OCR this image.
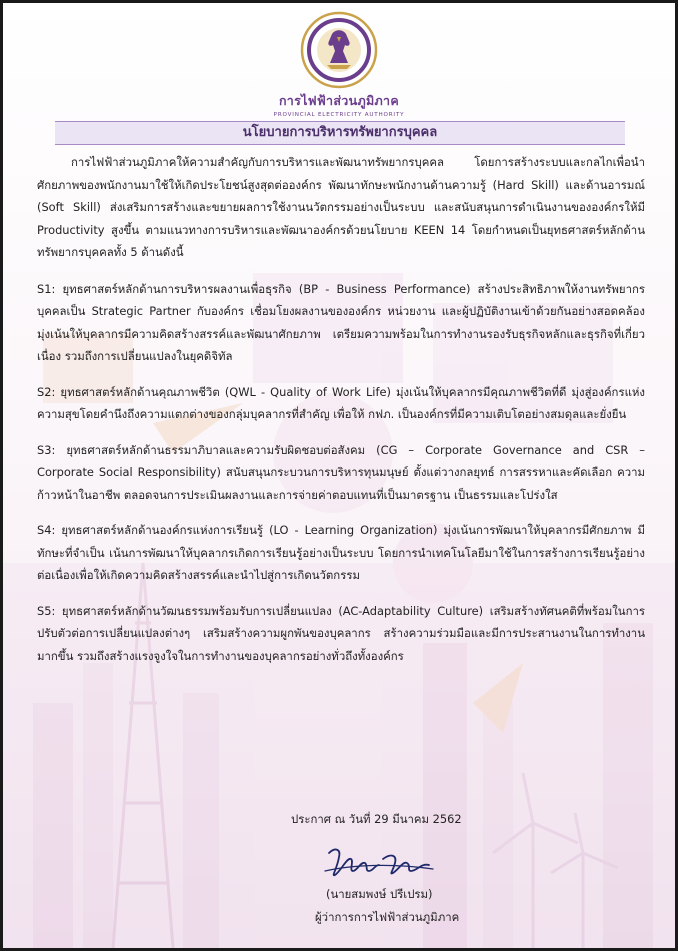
การไฟฟ้าส่วนภูมิภาค
PROVINCIAL ELECTRICITY AUTHORITY
นโยบายการบริหารทรัพยากรบุคคล

การไฟฟ้าส่วนภูมิภาคให้ความสำคัญกับการบริหารและพัฒนาทรัพยากรบุคคล โดยการสร้างระบบและกลไกเพื่อนำศักยภาพของพนักงานมาใช้ให้เกิดประโยชน์สูงสุดต่อองค์กร พัฒนาทักษะพนักงานด้านความรู้ (Hard Skill) และด้านอารมณ์ (Soft Skill) ส่งเสริมการสร้างและขยายผลการใช้งานนวัตกรรมอย่างเป็นระบบ และสนับสนุนการดำเนินงานขององค์กรให้มี Productivity สูงขึ้น ตามแนวทางการบริหารและพัฒนาองค์กรด้วยนโยบาย KEEN 14 โดยกำหนดเป็นยุทธศาสตร์หลักด้านทรัพยากรบุคคลทั้ง 5 ด้านดังนี้

S1: ยุทธศาสตร์หลักด้านการบริหารผลงานเพื่อธุรกิจ (BP - Business Performance) สร้างประสิทธิภาพให้งานทรัพยากรบุคคลเป็น Strategic Partner กับองค์กร เชื่อมโยงผลงานขององค์กร หน่วยงาน และผู้ปฏิบัติงานเข้าด้วยกันอย่างสอดคล้อง มุ่งเน้นให้บุคลากรมีความคิดสร้างสรรค์และพัฒนาศักยภาพ เตรียมความพร้อมในการทำงานรองรับธุรกิจหลักและธุรกิจที่เกี่ยวเนื่อง รวมถึงการเปลี่ยนแปลงในยุคดิจิทัล

S2: ยุทธศาสตร์หลักด้านคุณภาพชีวิต (QWL - Quality of Work Life) มุ่งเน้นให้บุคลากรมีคุณภาพชีวิตที่ดี มุ่งสู่องค์กรแห่งความสุขโดยคำนึงถึงความแตกต่างของกลุ่มบุคลากรที่สำคัญ เพื่อให้ กฟภ. เป็นองค์กรที่มีความเติบโตอย่างสมดุลและยั่งยืน

S3: ยุทธศาสตร์หลักด้านธรรมาภิบาลและความรับผิดชอบต่อสังคม (CG – Corporate Governance and CSR – Corporate Social Responsibility) สนับสนุนกระบวนการบริหารทุนมนุษย์ ตั้งแต่วางกลยุทธ์ การสรรหาและคัดเลือก ความก้าวหน้าในอาชีพ ตลอดจนการประเมินผลงานและการจ่ายค่าตอบแทนที่เป็นมาตรฐาน เป็นธรรมและโปร่งใส

S4: ยุทธศาสตร์หลักด้านองค์กรแห่งการเรียนรู้ (LO - Learning Organization) มุ่งเน้นการพัฒนาให้บุคลากรมีศักยภาพ มีทักษะที่จำเป็น เน้นการพัฒนาให้บุคลากรเกิดการเรียนรู้อย่างเป็นระบบ โดยการนำเทคโนโลยีมาใช้ในการสร้างการเรียนรู้อย่างต่อเนื่องเพื่อให้เกิดความคิดสร้างสรรค์และนำไปสู่การเกิดนวัตกรรม

S5: ยุทธศาสตร์หลักด้านวัฒนธรรมพร้อมรับการเปลี่ยนแปลง (AC-Adaptability Culture) เสริมสร้างทัศนคติที่พร้อมในการปรับตัวต่อการเปลี่ยนแปลงต่างๆ เสริมสร้างความผูกพันของบุคลากร สร้างความร่วมมือและมีการประสานงานในการทำงานมากขึ้น รวมถึงสร้างแรงจูงใจในการทำงานของบุคลากรอย่างทั่วถึงทั้งองค์กร

ประกาศ ณ วันที่ 29 มีนาคม 2562
(นายสมพงษ์ ปรีเปรม)
ผู้ว่าการการไฟฟ้าส่วนภูมิภาค
